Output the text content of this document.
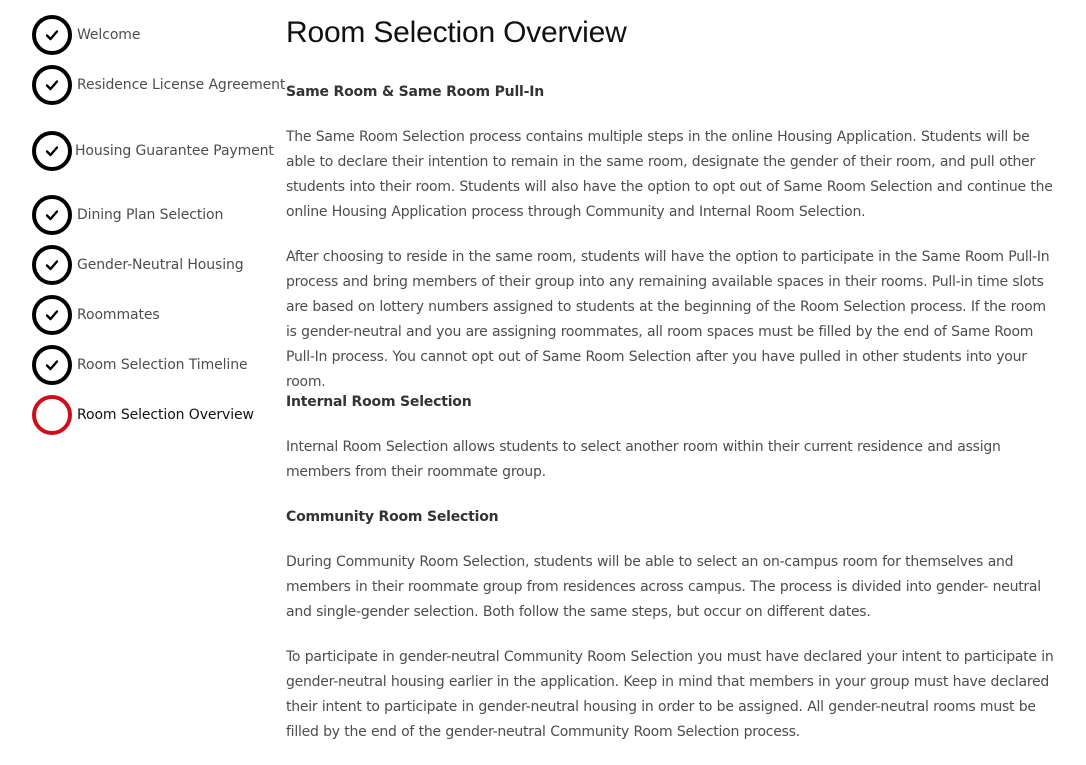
Welcome
Residence License Agreement
Housing Guarantee Payment
Dining Plan Selection
Gender-Neutral Housing
Roommates
Room Selection Timeline
Room Selection Overview
Room Selection Overview
Same Room & Same Room Pull-In

The Same Room Selection process contains multiple steps in the online Housing Application. Students will be able to declare their intention to remain in the same room, designate the gender of their room, and pull other students into their room. Students will also have the option to opt out of Same Room Selection and continue the online Housing Application process through Community and Internal Room Selection.

After choosing to reside in the same room, students will have the option to participate in the Same Room Pull-In process and bring members of their group into any remaining available spaces in their rooms. Pull-in time slots are based on lottery numbers assigned to students at the beginning of the Room Selection process. If the room is gender-neutral and you are assigning roommates, all room spaces must be filled by the end of Same Room Pull-In process. You cannot opt out of Same Room Selection after you have pulled in other students into your room.

Internal Room Selection

Internal Room Selection allows students to select another room within their current residence and assign members from their roommate group.

Community Room Selection

During Community Room Selection, students will be able to select an on-campus room for themselves and members in their roommate group from residences across campus. The process is divided into gender- neutral and single-gender selection. Both follow the same steps, but occur on different dates.

To participate in gender-neutral Community Room Selection you must have declared your intent to participate in gender-neutral housing earlier in the application. Keep in mind that members in your group must have declared their intent to participate in gender-neutral housing in order to be assigned. All gender-neutral rooms must be filled by the end of the gender-neutral Community Room Selection process.
